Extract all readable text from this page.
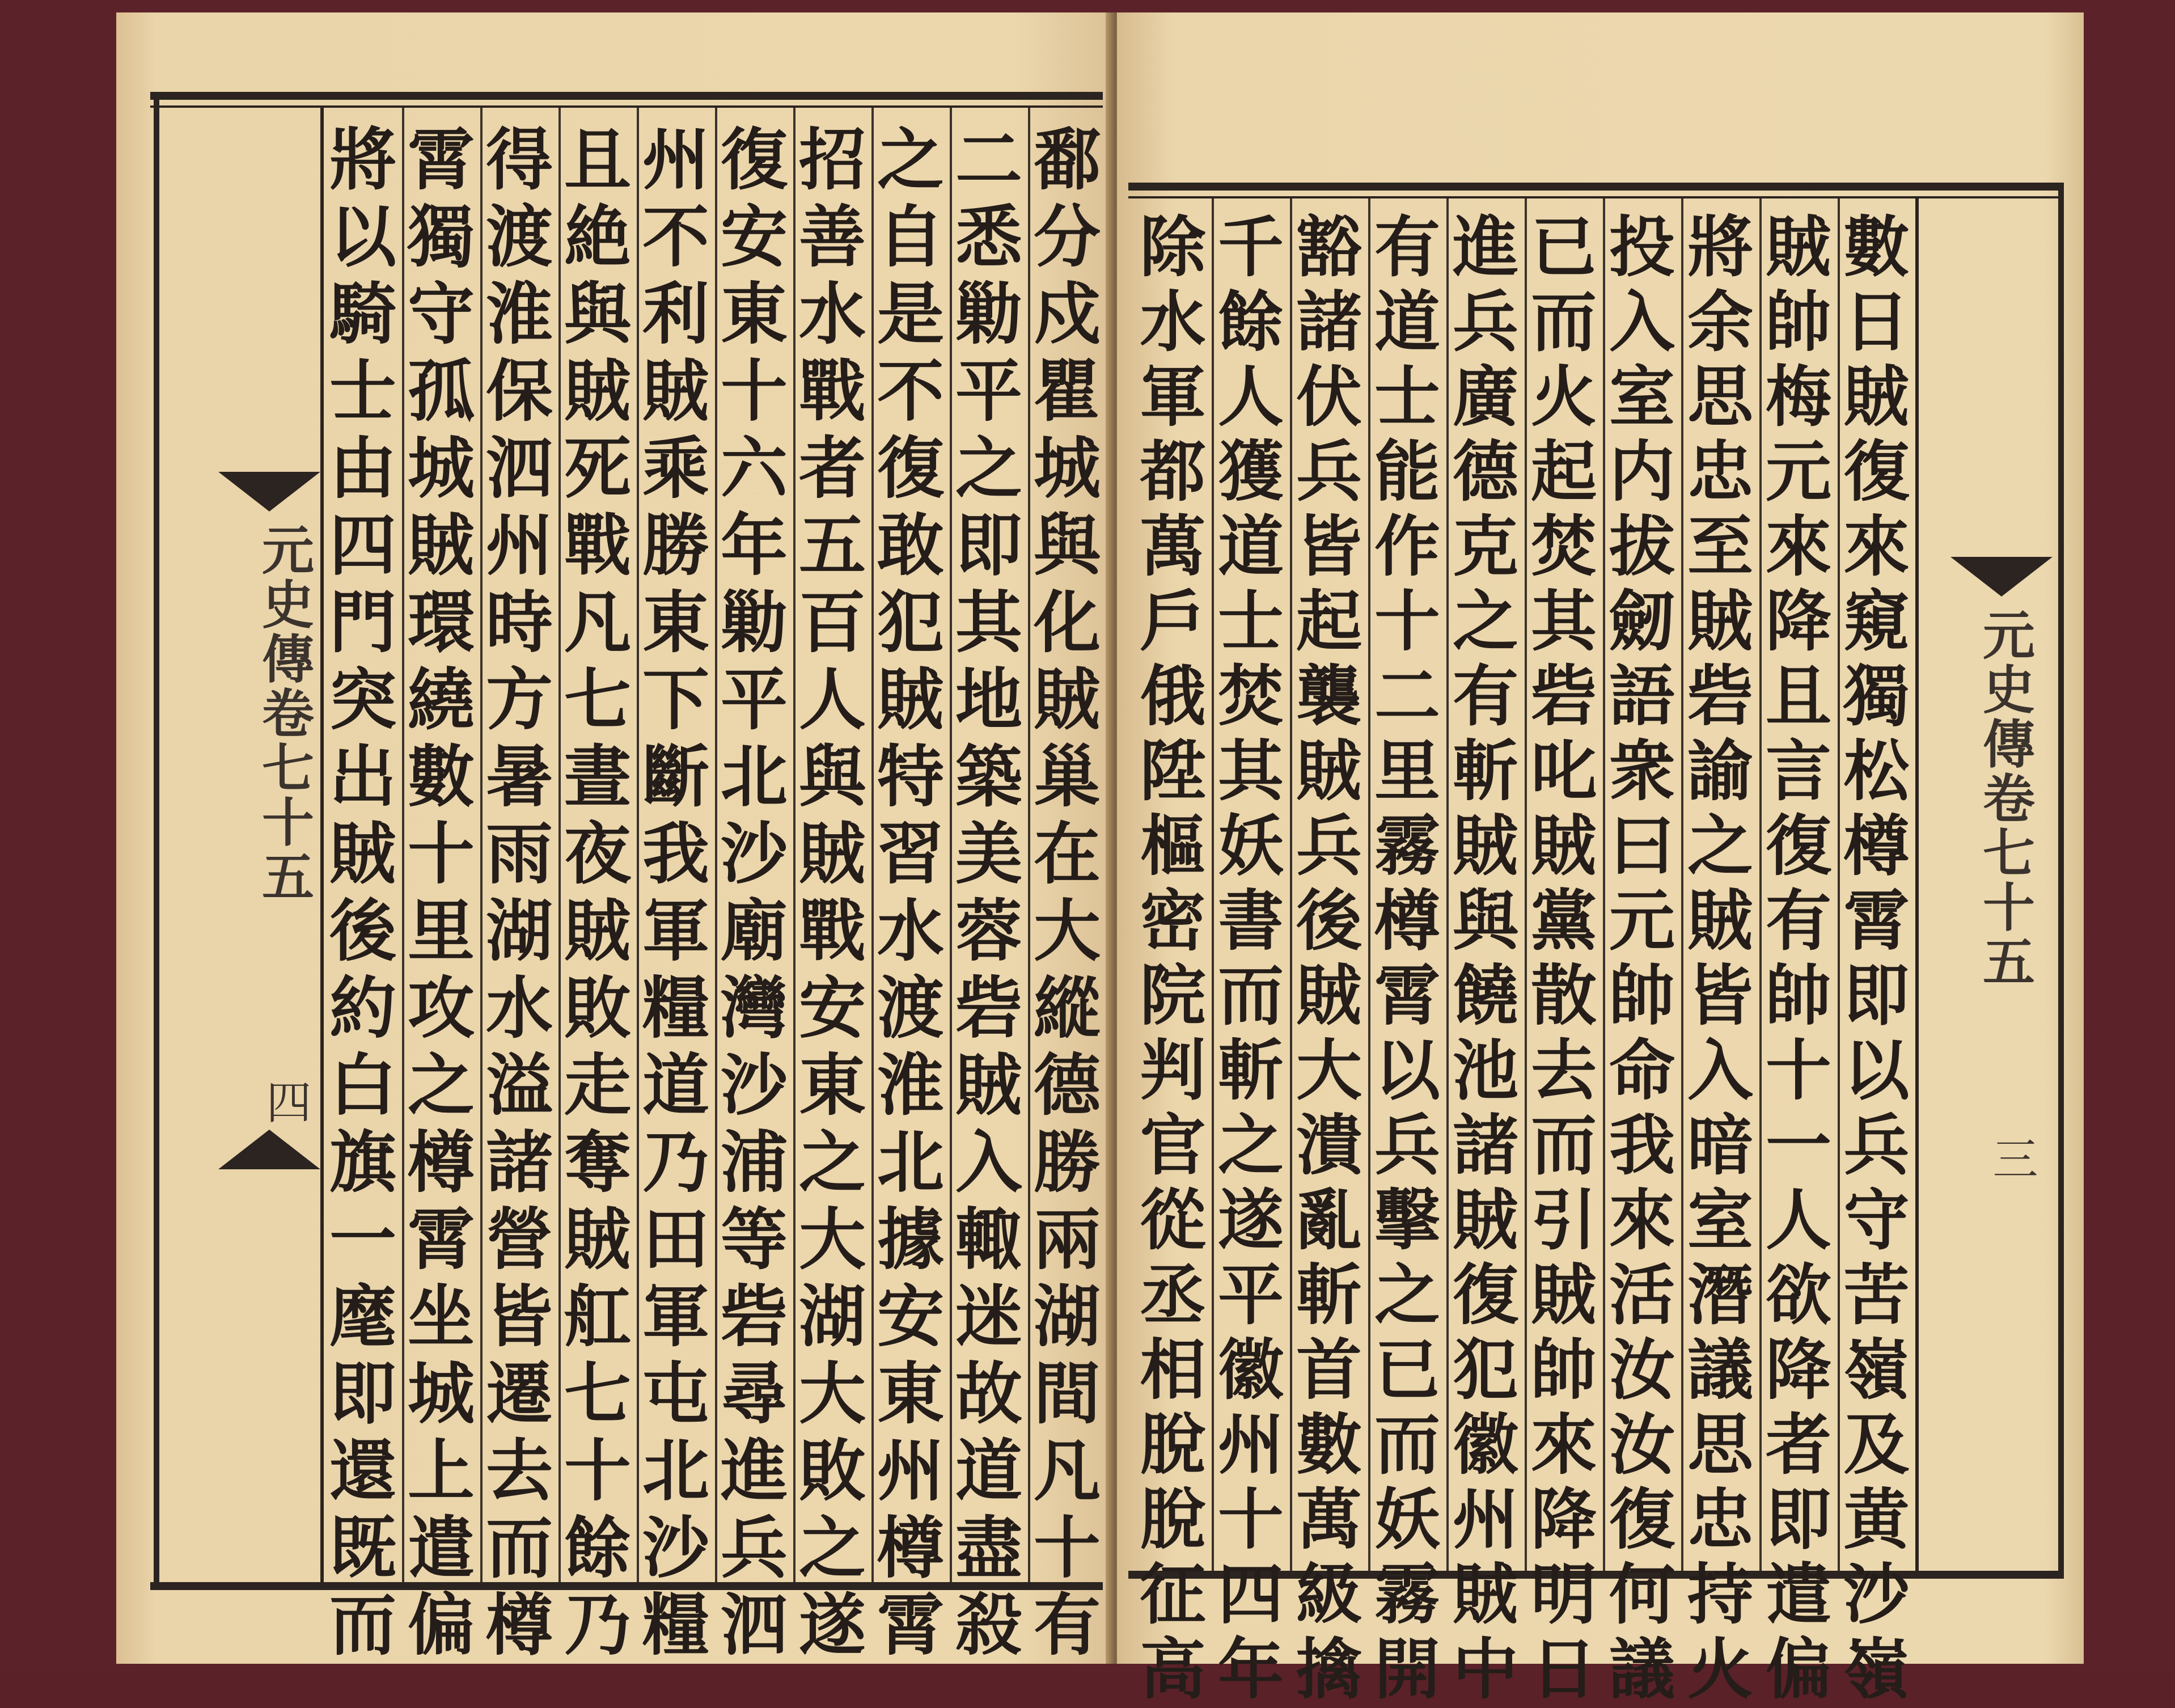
元史傳卷七十五
四
鄱
分
戍
瞿
城
與
化
賊
巢
在
大
縱
德
勝
兩
湖
間
凡
十
有
二
悉
勦
平
之
即
其
地
築
美
蓉
砦
賊
入
輙
迷
故
道
盡
殺
之
自
是
不
復
敢
犯
賊
特
習
水
渡
淮
北
據
安
東
州
樽
霄
招
善
水
戰
者
五
百
人
與
賊
戰
安
東
之
大
湖
大
敗
之
遂
復
安
東
十
六
年
勦
平
北
沙
廟
灣
沙
浦
等
砦
尋
進
兵
泗
州
不
利
賊
乘
勝
東
下
斷
我
軍
糧
道
乃
田
軍
屯
北
沙
糧
且
絶
與
賊
死
戰
凡
七
晝
夜
賊
敗
走
奪
賊
舡
七
十
餘
乃
得
渡
淮
保
泗
州
時
方
暑
雨
湖
水
溢
諸
營
皆
遷
去
而
樽
霄
獨
守
孤
城
賊
環
繞
數
十
里
攻
之
樽
霄
坐
城
上
遣
偏
將
以
騎
士
由
四
門
突
出
賊
後
約
白
旗
一
麾
即
還
既
而
元史傳卷七十五
三
數
日
賊
復
來
窺
獨
松
樽
霄
即
以
兵
守
苦
嶺
及
黄
沙
嶺
賊
帥
梅
元
來
降
且
言
復
有
帥
十
一
人
欲
降
者
即
遣
偏
將
余
思
忠
至
賊
砦
諭
之
賊
皆
入
暗
室
潛
議
思
忠
持
火
投
入
室
内
拔
劒
語
衆
曰
元
帥
命
我
來
活
汝
汝
復
何
議
已
而
火
起
焚
其
砦
叱
賊
黨
散
去
而
引
賊
帥
來
降
明
日
進
兵
廣
德
克
之
有
斬
賊
與
饒
池
諸
賊
復
犯
徽
州
賊
中
有
道
士
能
作
十
二
里
霧
樽
霄
以
兵
擊
之
已
而
妖
霧
開
豁
諸
伏
兵
皆
起
襲
賊
兵
後
賊
大
潰
亂
斬
首
數
萬
級
擒
千
餘
人
獲
道
士
焚
其
妖
書
而
斬
之
遂
平
徽
州
十
四
年
除
水
軍
都
萬
戶
俄
陞
樞
密
院
判
官
從
丞
相
脫
脫
征
高
